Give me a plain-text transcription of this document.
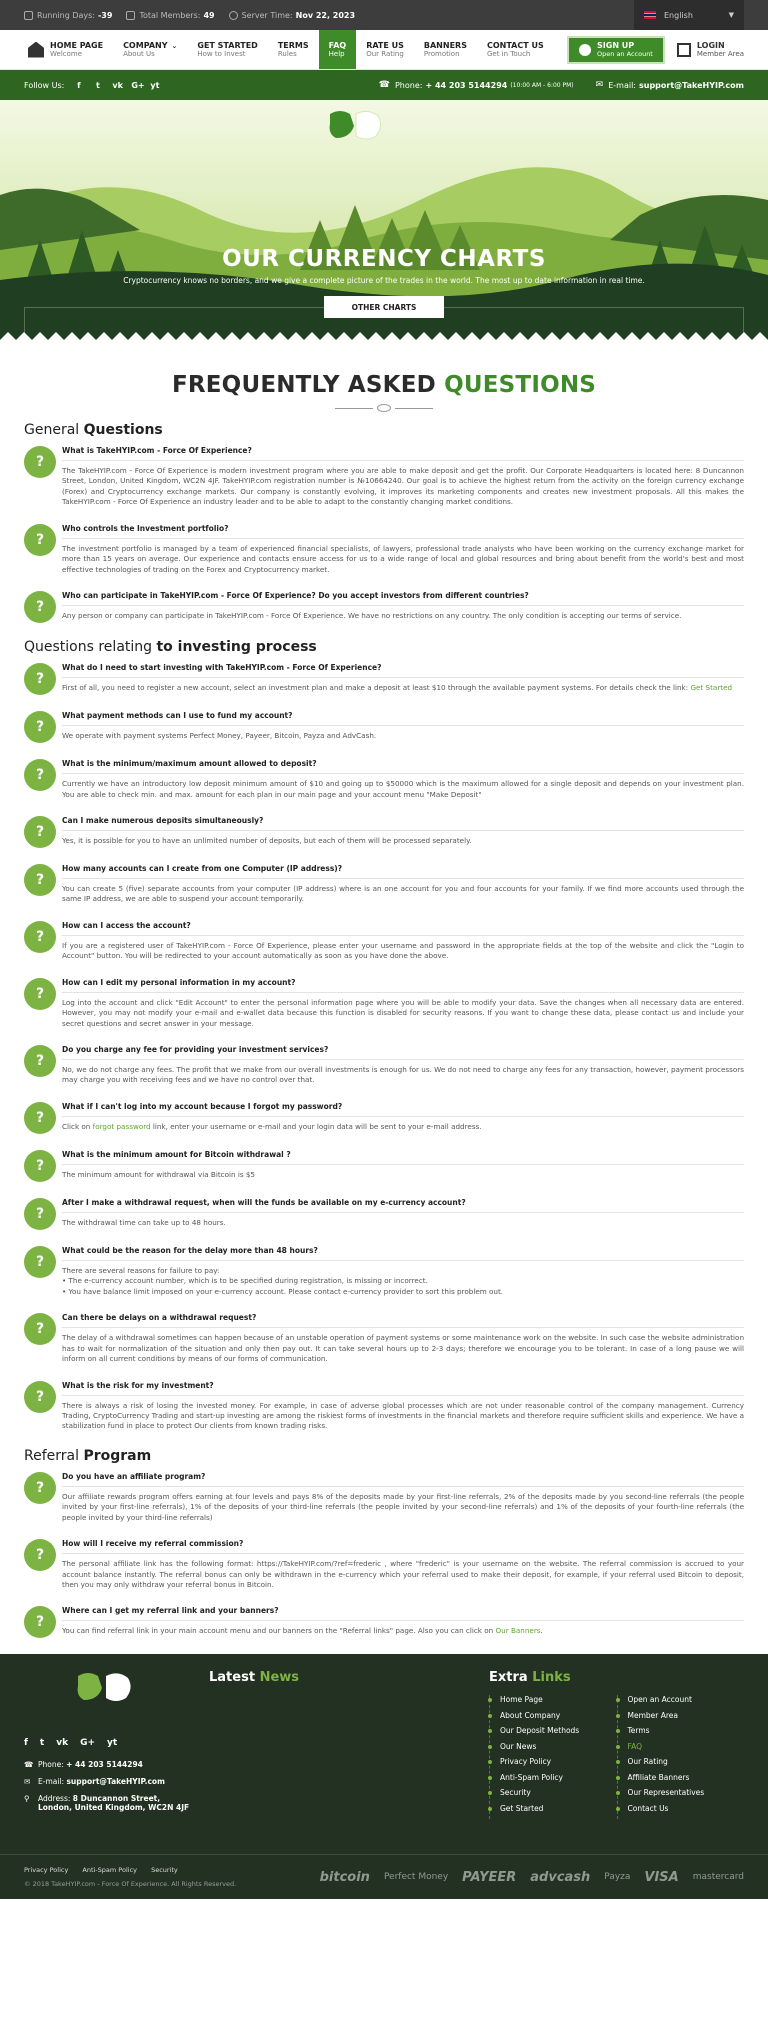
Running Days: -39	Total Members: 49	Server Time: Nov 22, 2023	English	▼
HOME PAGE
Welcome
COMPANY ⌄
About Us
GET STARTED
How to Invest
TERMS
Rules
FAQ
Help
RATE US
Our Rating
BANNERS
Promotion
CONTACT US
Get in Touch
SIGN UP
Open an Account
LOGIN
Member Area
Follow Us:	f	t	vk G+ yt	☎ Phone: + 44 203 5144294 (10:00 AM - 6:00 PM) ✉ E-mail: support@TakeHYIP.com
OUR CURRENCY CHARTS

Cryptocurrency knows no borders, and we give a complete picture of the trades in the world. The most up to date information in real time.

OTHER CHARTS
FREQUENTLY ASKED QUESTIONS
General Questions
?
What is TakeHYIP.com - Force Of Experience?
The TakeHYIP.com - Force Of Experience is modern investment program where you are able to make deposit and get the profit. Our Corporate Headquarters is located here: 8 Duncannon Street, London, United Kingdom, WC2N 4JF. TakeHYIP.com registration number is №10664240. Our goal is to achieve the highest return from the activity on the foreign currency exchange (Forex) and Cryptocurrency exchange markets. Our company is constantly evolving, it improves its marketing components and creates new investment proposals. All this makes the TakeHYIP.com - Force Of Experience an industry leader and to be able to adapt to the constantly changing market conditions.
?
Who controls the Investment portfolio?
The investment portfolio is managed by a team of experienced financial specialists, of lawyers, professional trade analysts who have been working on the currency exchange market for more than 15 years on average. Our experience and contacts ensure access for us to a wide range of local and global resources and bring about benefit from the world's best and most effective technologies of trading on the Forex and Cryptocurrency market.
?
Who can participate in TakeHYIP.com - Force Of Experience? Do you accept investors from different countries?
Any person or company can participate in TakeHYIP.com - Force Of Experience. We have no restrictions on any country. The only condition is accepting our terms of service.
Questions relating to investing process
?
What do I need to start investing with TakeHYIP.com - Force Of Experience?
First of all, you need to register a new account, select an investment plan and make a deposit at least $10 through the available payment systems. For details check the link: Get Started
?
What payment methods can I use to fund my account?
We operate with payment systems Perfect Money, Payeer, Bitcoin, Payza and AdvCash.
?
What is the minimum/maximum amount allowed to deposit?
Currently we have an introductory low deposit minimum amount of $10 and going up to $50000 which is the maximum allowed for a single deposit and depends on your investment plan. You are able to check min. and max. amount for each plan in our main page and your account menu "Make Deposit"
?
Can I make numerous deposits simultaneously?
Yes, it is possible for you to have an unlimited number of deposits, but each of them will be processed separately.
?
How many accounts can I create from one Computer (IP address)?
You can create 5 (five) separate accounts from your computer (IP address) where is an one account for you and four accounts for your family. If we find more accounts used through the same IP address, we are able to suspend your account temporarily.
?
How can I access the account?
If you are a registered user of TakeHYIP.com - Force Of Experience, please enter your username and password in the appropriate fields at the top of the website and click the "Login to Account" button. You will be redirected to your account automatically as soon as you have done the above.
?
How can I edit my personal information in my account?
Log into the account and click "Edit Account" to enter the personal information page where you will be able to modify your data. Save the changes when all necessary data are entered. However, you may not modify your e-mail and e-wallet data because this function is disabled for security reasons. If you want to change these data, please contact us and include your secret questions and secret answer in your message.
?
Do you charge any fee for providing your investment services?
No, we do not charge any fees. The profit that we make from our overall investments is enough for us. We do not need to charge any fees for any transaction, however, payment processors may charge you with receiving fees and we have no control over that.
?
What if I can't log into my account because I forgot my password?
Click on forgot password link, enter your username or e-mail and your login data will be sent to your e-mail address.
?
What is the minimum amount for Bitcoin withdrawal ?
The minimum amount for withdrawal via Bitcoin is $5
?
After I make a withdrawal request, when will the funds be available on my e-currency account?
The withdrawal time can take up to 48 hours.
?
What could be the reason for the delay more than 48 hours?
There are several reasons for failure to pay:
• The e-currency account number, which is to be specified during registration, is missing or incorrect.
• You have balance limit imposed on your e-currency account. Please contact e-currency provider to sort this problem out.
?
Can there be delays on a withdrawal request?
The delay of a withdrawal sometimes can happen because of an unstable operation of payment systems or some maintenance work on the website. In such case the website administration has to wait for normalization of the situation and only then pay out. It can take several hours up to 2-3 days; therefore we encourage you to be tolerant. In case of a long pause we will inform on all current conditions by means of our forms of communication.
?
What is the risk for my investment?
There is always a risk of losing the invested money. For example, in case of adverse global processes which are not under reasonable control of the company management. Currency Trading, CryptoCurrency Trading and start-up investing are among the riskiest forms of investments in the financial markets and therefore require sufficient skills and experience. We have a stabilization fund in place to protect Our clients from known trading risks.
Referral Program
?
Do you have an affiliate program?
Our affiliate rewards program offers earning at four levels and pays 8% of the deposits made by your first-line referrals, 2% of the deposits made by you second-line referrals (the people invited by your first-line referrals), 1% of the deposits of your third-line referrals (the people invited by your second-line referrals) and 1% of the deposits of your fourth-line referrals (the people invited by your third-line referrals)
?
How will I receive my referral commission?
The personal affiliate link has the following format: https://TakeHYIP.com/?ref=frederic , where "frederic" is your username on the website. The referral commission is accrued to your account balance instantly. The referral bonus can only be withdrawn in the e-currency which your referral used to make their deposit, for example, if your referral used Bitcoin to deposit, then you may only withdraw your referral bonus in Bitcoin.
?
Where can I get my referral link and your banners?
You can find referral link in your main account menu and our banners on the "Referral links" page. Also you can click on Our Banners.
f t vk G+ yt
☎ Phone:
+ 44 203 5144294
✉	E-mail:
support@TakeHYIP.com
⚲	Address: 8 Duncannon Street,
London, United Kingdom, WC2N 4JF
Latest News	Extra Links
Home Page
About Company
Our Deposit Methods
Our News
Privacy Policy
Anti-Spam Policy
Security
Get Started
Open an Account
Member Area
Terms
FAQ
Our Rating
Affiliate Banners
Our Representatives
Contact Us
Privacy Policy Anti-Spam Policy Security
© 2018 TakeHYIP.com - Force Of Experience. All Rights Reserved.	bitcoin Perfect Money PAYEER advcash Payza VISA mastercard
